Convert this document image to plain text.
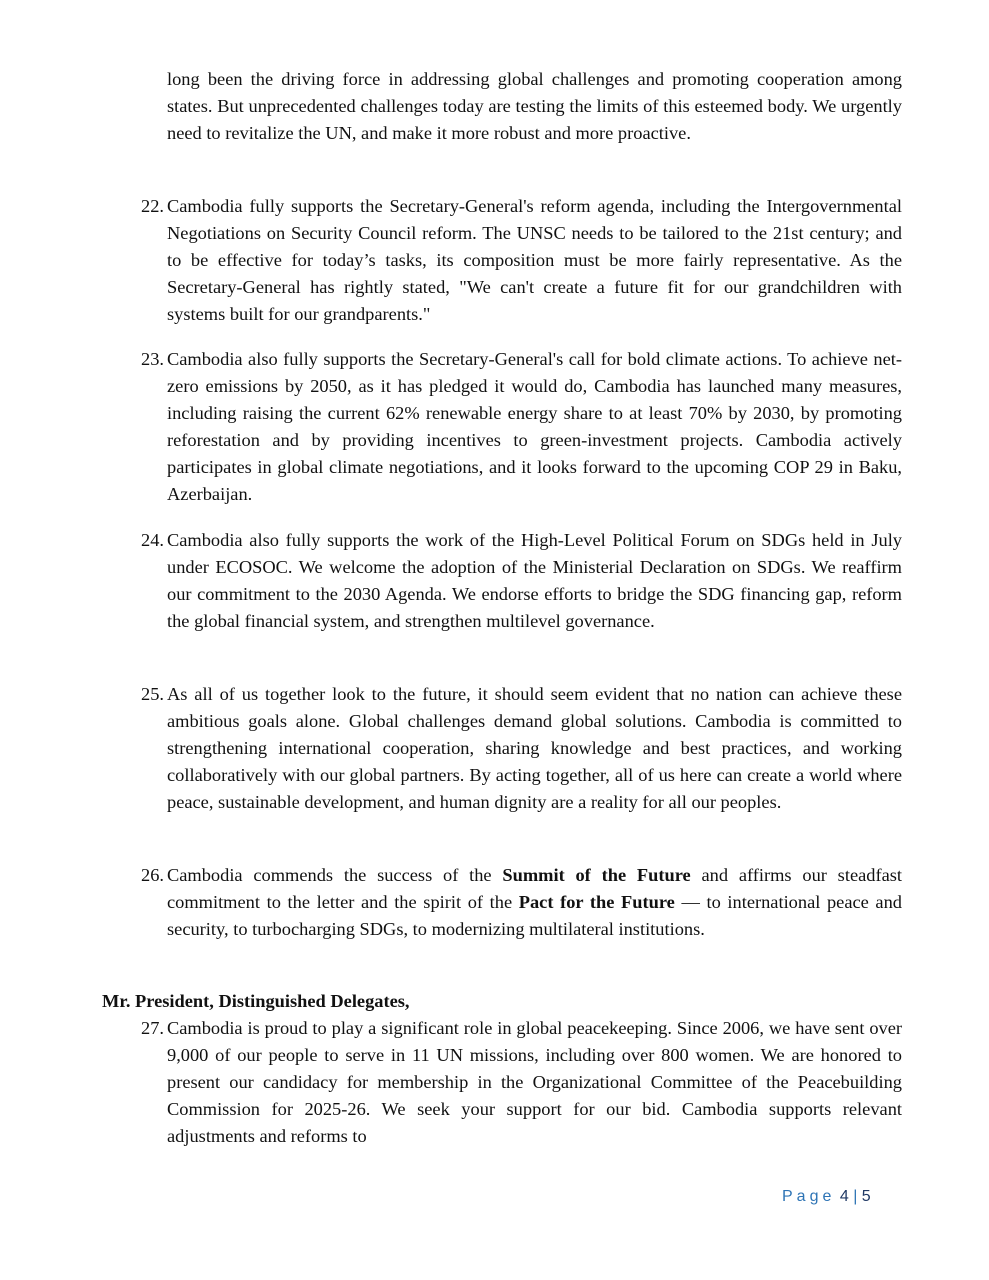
long been the driving force in addressing global challenges and promoting cooperation among states. But unprecedented challenges today are testing the limits of this esteemed body. We urgently need to revitalize the UN, and make it more robust and more proactive.

22. Cambodia fully supports the Secretary-General's reform agenda, including the Intergovernmental Negotiations on Security Council reform. The UNSC needs to be tailored to the 21st century; and to be effective for today’s tasks, its composition must be more fairly representative. As the Secretary-General has rightly stated, "We can't create a future fit for our grandchildren with systems built for our grandparents."
23. Cambodia also fully supports the Secretary-General's call for bold climate actions. To achieve net-zero emissions by 2050, as it has pledged it would do, Cambodia has launched many measures, including raising the current 62% renewable energy share to at least 70% by 2030, by promoting reforestation and by providing incentives to green-investment projects. Cambodia actively participates in global climate negotiations, and it looks forward to the upcoming COP 29 in Baku, Azerbaijan.
24. Cambodia also fully supports the work of the High-Level Political Forum on SDGs held in July under ECOSOC. We welcome the adoption of the Ministerial Declaration on SDGs. We reaffirm our commitment to the 2030 Agenda. We endorse efforts to bridge the SDG financing gap, reform the global financial system, and strengthen multilevel governance.
25. As all of us together look to the future, it should seem evident that no nation can achieve these ambitious goals alone. Global challenges demand global solutions. Cambodia is committed to strengthening international cooperation, sharing knowledge and best practices, and working collaboratively with our global partners. By acting together, all of us here can create a world where peace, sustainable development, and human dignity are a reality for all our peoples.
26. Cambodia commends the success of the Summit of the Future and affirms our steadfast commitment to the letter and the spirit of the Pact for the Future — to international peace and security, to turbocharging SDGs, to modernizing multilateral institutions.

Mr. President, Distinguished Delegates,

27. Cambodia is proud to play a significant role in global peacekeeping. Since 2006, we have sent over 9,000 of our people to serve in 11 UN missions, including over 800 women. We are honored to present our candidacy for membership in the Organizational Committee of the Peacebuilding Commission for 2025-26. We seek your support for our bid. Cambodia supports relevant adjustments and reforms to
Page 4 | 5
